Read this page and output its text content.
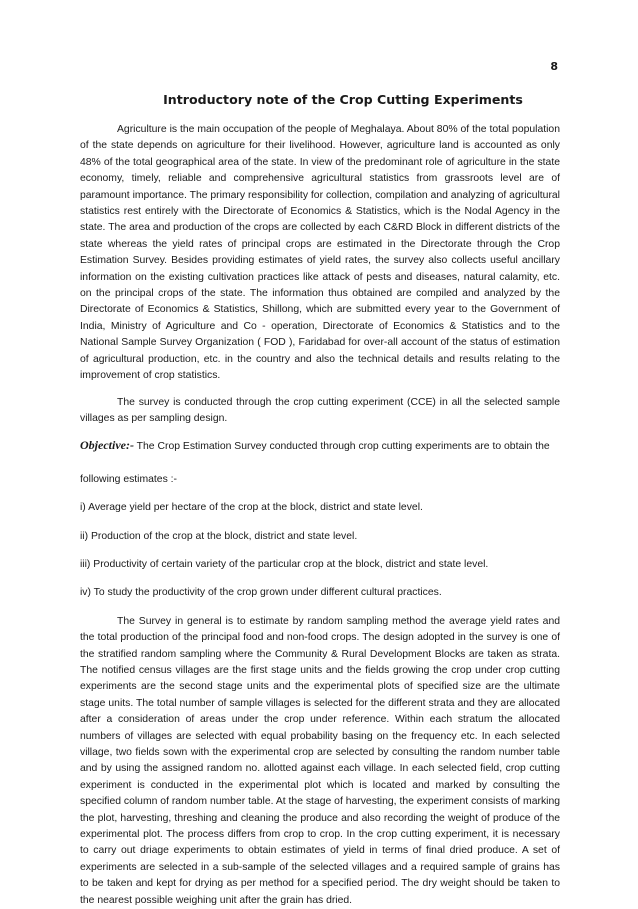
8
Introductory note of the Crop Cutting Experiments

Agriculture is the main occupation of the people of Meghalaya. About 80% of the total population of the state depends on agriculture for their livelihood. However, agriculture land is accounted as only 48% of the total geographical area of the state. In view of the predominant role of agriculture in the state economy, timely, reliable and comprehensive agricultural statistics from grassroots level are of paramount importance. The primary responsibility for collection, compilation and analyzing of agricultural statistics rest entirely with the Directorate of Economics & Statistics, which is the Nodal Agency in the state. The area and production of the crops are collected by each C&RD Block in different districts of the state whereas the yield rates of principal crops are estimated in the Directorate through the Crop Estimation Survey. Besides providing estimates of yield rates, the survey also collects useful ancillary information on the existing cultivation practices like attack of pests and diseases, natural calamity, etc. on the principal crops of the state. The information thus obtained are compiled and analyzed by the Directorate of Economics & Statistics, Shillong, which are submitted every year to the Government of India, Ministry of Agriculture and Co - operation, Directorate of Economics & Statistics and to the National Sample Survey Organization ( FOD ), Faridabad for over-all account of the status of estimation of agricultural production, etc. in the country and also the technical details and results relating to the improvement of crop statistics.

The survey is conducted through the crop cutting experiment (CCE) in all the selected sample villages as per sampling design.

Objective:- The Crop Estimation Survey conducted through crop cutting experiments are to obtain the

following estimates :-

i) Average yield per hectare of the crop at the block, district and state level.

ii) Production of the crop at the block, district and state level.

iii) Productivity of certain variety of the particular crop at the block, district and state level.

iv) To study the productivity of the crop grown under different cultural practices.

The Survey in general is to estimate by random sampling method the average yield rates and the total production of the principal food and non-food crops. The design adopted in the survey is one of the stratified random sampling where the Community & Rural Development Blocks are taken as strata. The notified census villages are the first stage units and the fields growing the crop under crop cutting experiments are the second stage units and the experimental plots of specified size are the ultimate stage units. The total number of sample villages is selected for the different strata and they are allocated after a consideration of areas under the crop under reference. Within each stratum the allocated numbers of villages are selected with equal probability basing on the frequency etc. In each selected village, two fields sown with the experimental crop are selected by consulting the random number table and by using the assigned random no. allotted against each village. In each selected field, crop cutting experiment is conducted in the experimental plot which is located and marked by consulting the specified column of random number table. At the stage of harvesting, the experiment consists of marking the plot, harvesting, threshing and cleaning the produce and also recording the weight of produce of the experimental plot. The process differs from crop to crop. In the crop cutting experiment, it is necessary to carry out driage experiments to obtain estimates of yield in terms of final dried produce. A set of experiments are selected in a sub-sample of the selected villages and a required sample of grains has to be taken and kept for drying as per method for a specified period. The dry weight should be taken to the nearest possible weighing unit after the grain has dried.
